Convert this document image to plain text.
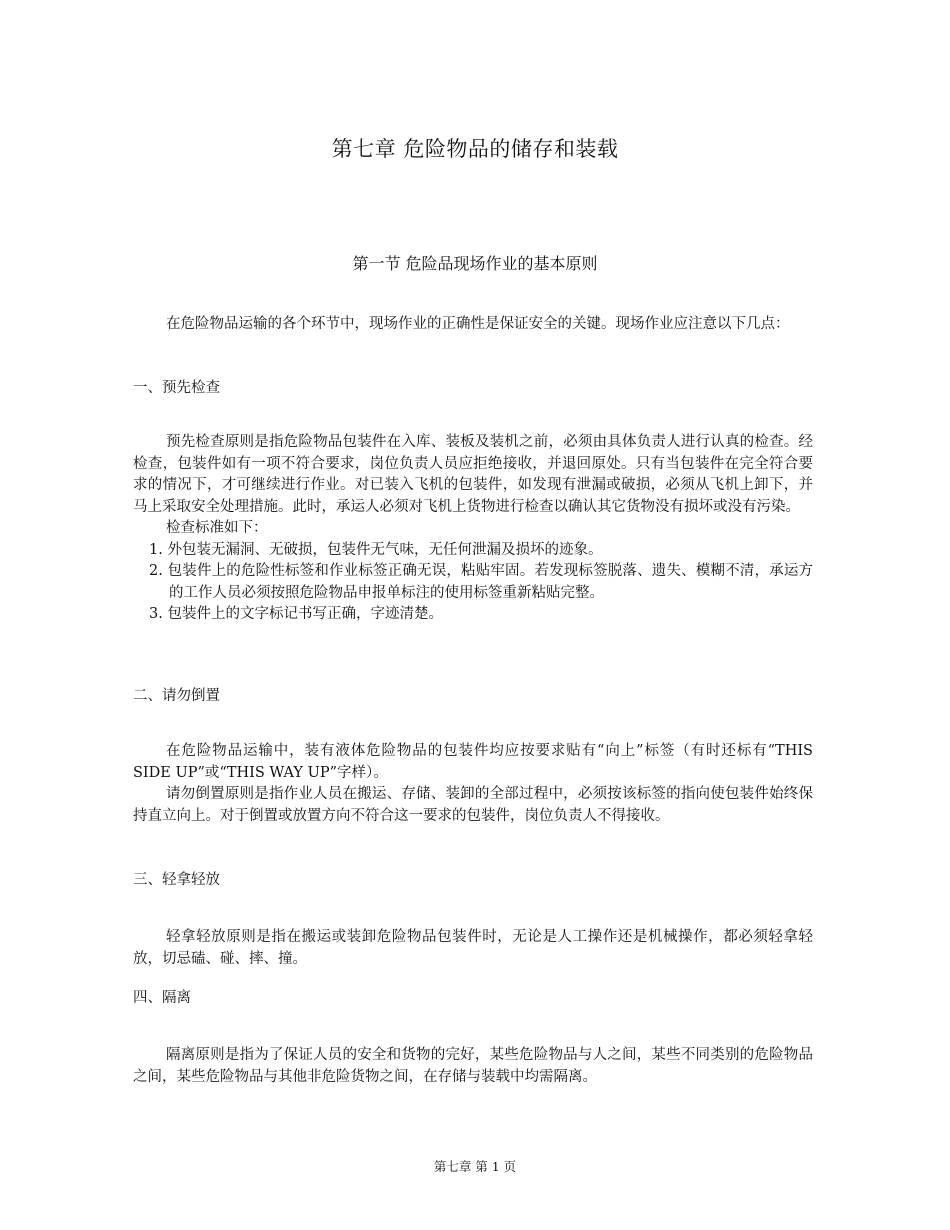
第七章 危险物品的储存和装载
第一节 危险品现场作业的基本原则

在危险物品运输的各个环节中，现场作业的正确性是保证安全的关键。现场作业应注意以下几点：

一、预先检查

预先检查原则是指危险物品包装件在入库、装板及装机之前，必须由具体负责人进行认真的检查。经检查，包装件如有一项不符合要求，岗位负责人员应拒绝接收，并退回原处。只有当包装件在完全符合要求的情况下，才可继续进行作业。对已装入飞机的包装件，如发现有泄漏或破损，必须从飞机上卸下，并马上采取安全处理措施。此时，承运人必须对飞机上货物进行检查以确认其它货物没有损坏或没有污染。

检查标准如下：

1. 外包装无漏洞、无破损，包装件无气味，无任何泄漏及损坏的迹象。

2. 包装件上的危险性标签和作业标签正确无误，粘贴牢固。若发现标签脱落、遗失、模糊不清，承运方的工作人员必须按照危险物品申报单标注的使用标签重新粘贴完整。

3. 包装件上的文字标记书写正确，字迹清楚。

二、请勿倒置

在危险物品运输中，装有液体危险物品的包装件均应按要求贴有“向上”标签（有时还标有“THIS SIDE UP”或“THIS WAY UP”字样）。

请勿倒置原则是指作业人员在搬运、存储、装卸的全部过程中，必须按该标签的指向使包装件始终保持直立向上。对于倒置或放置方向不符合这一要求的包装件，岗位负责人不得接收。

三、轻拿轻放

轻拿轻放原则是指在搬运或装卸危险物品包装件时，无论是人工操作还是机械操作，都必须轻拿轻放，切忌磕、碰、摔、撞。

四、隔离

隔离原则是指为了保证人员的安全和货物的完好，某些危险物品与人之间，某些不同类别的危险物品之间，某些危险物品与其他非危险货物之间，在存储与装载中均需隔离。

第七章 第 1 页
